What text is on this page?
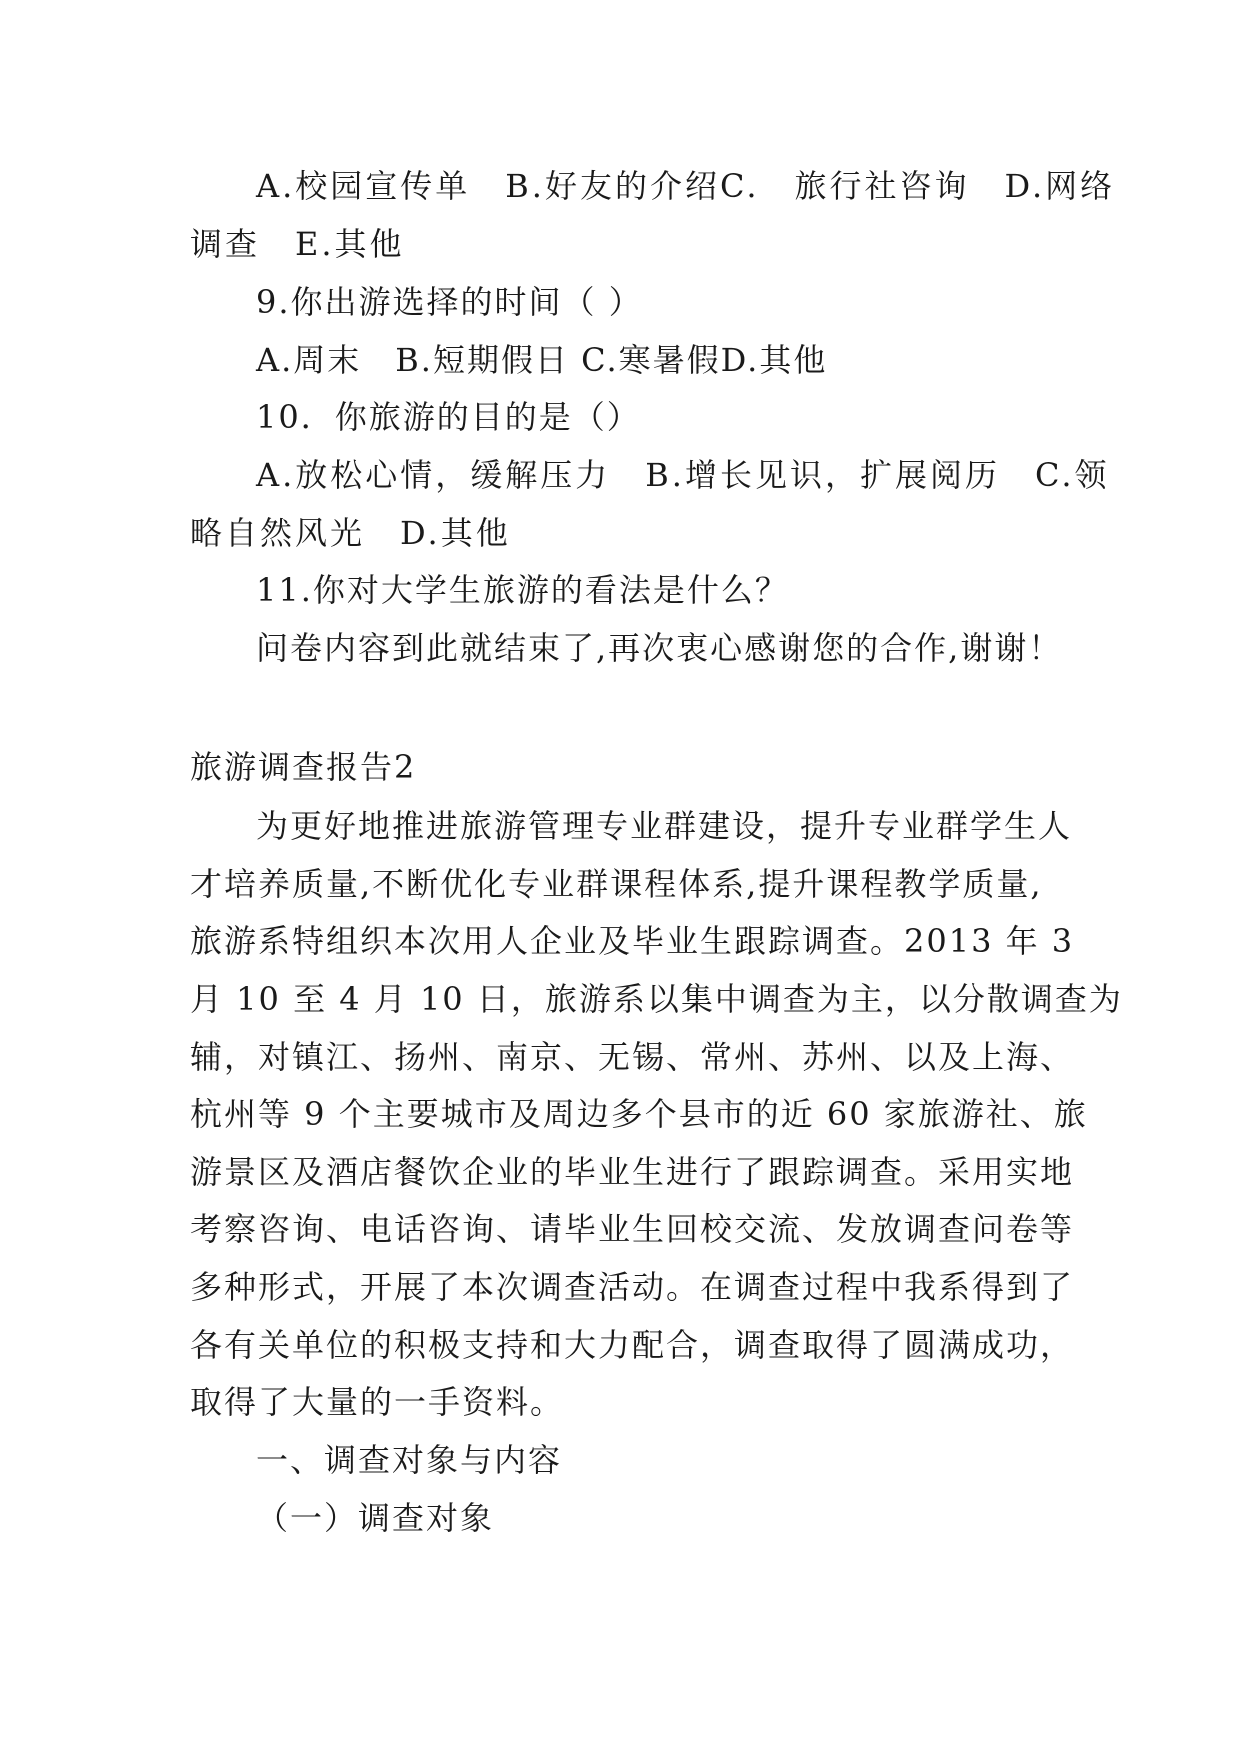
A.校园宣传单　B.好友的介绍C.　旅行社咨询　D.网络
调查　E.其他
9.你出游选择的时间（ ）
A.周末　B.短期假日 C.寒暑假D.其他
10．你旅游的目的是（）
A.放松心情，缓解压力　B.增长见识，扩展阅历　C.领
略自然风光　D.其他
11.你对大学生旅游的看法是什么？
问卷内容到此就结束了,再次衷心感谢您的合作,谢谢！
旅游调查报告2
为更好地推进旅游管理专业群建设，提升专业群学生人
才培养质量,不断优化专业群课程体系,提升课程教学质量,
旅游系特组织本次用人企业及毕业生跟踪调查。2013 年 3
月 10 至 4 月 10 日，旅游系以集中调查为主，以分散调查为
辅，对镇江、扬州、南京、无锡、常州、苏州、以及上海、
杭州等 9 个主要城市及周边多个县市的近 60 家旅游社、旅
游景区及酒店餐饮企业的毕业生进行了跟踪调查。采用实地
考察咨询、电话咨询、请毕业生回校交流、发放调查问卷等
多种形式，开展了本次调查活动。在调查过程中我系得到了
各有关单位的积极支持和大力配合，调查取得了圆满成功，
取得了大量的一手资料。
一、调查对象与内容
（一）调查对象
